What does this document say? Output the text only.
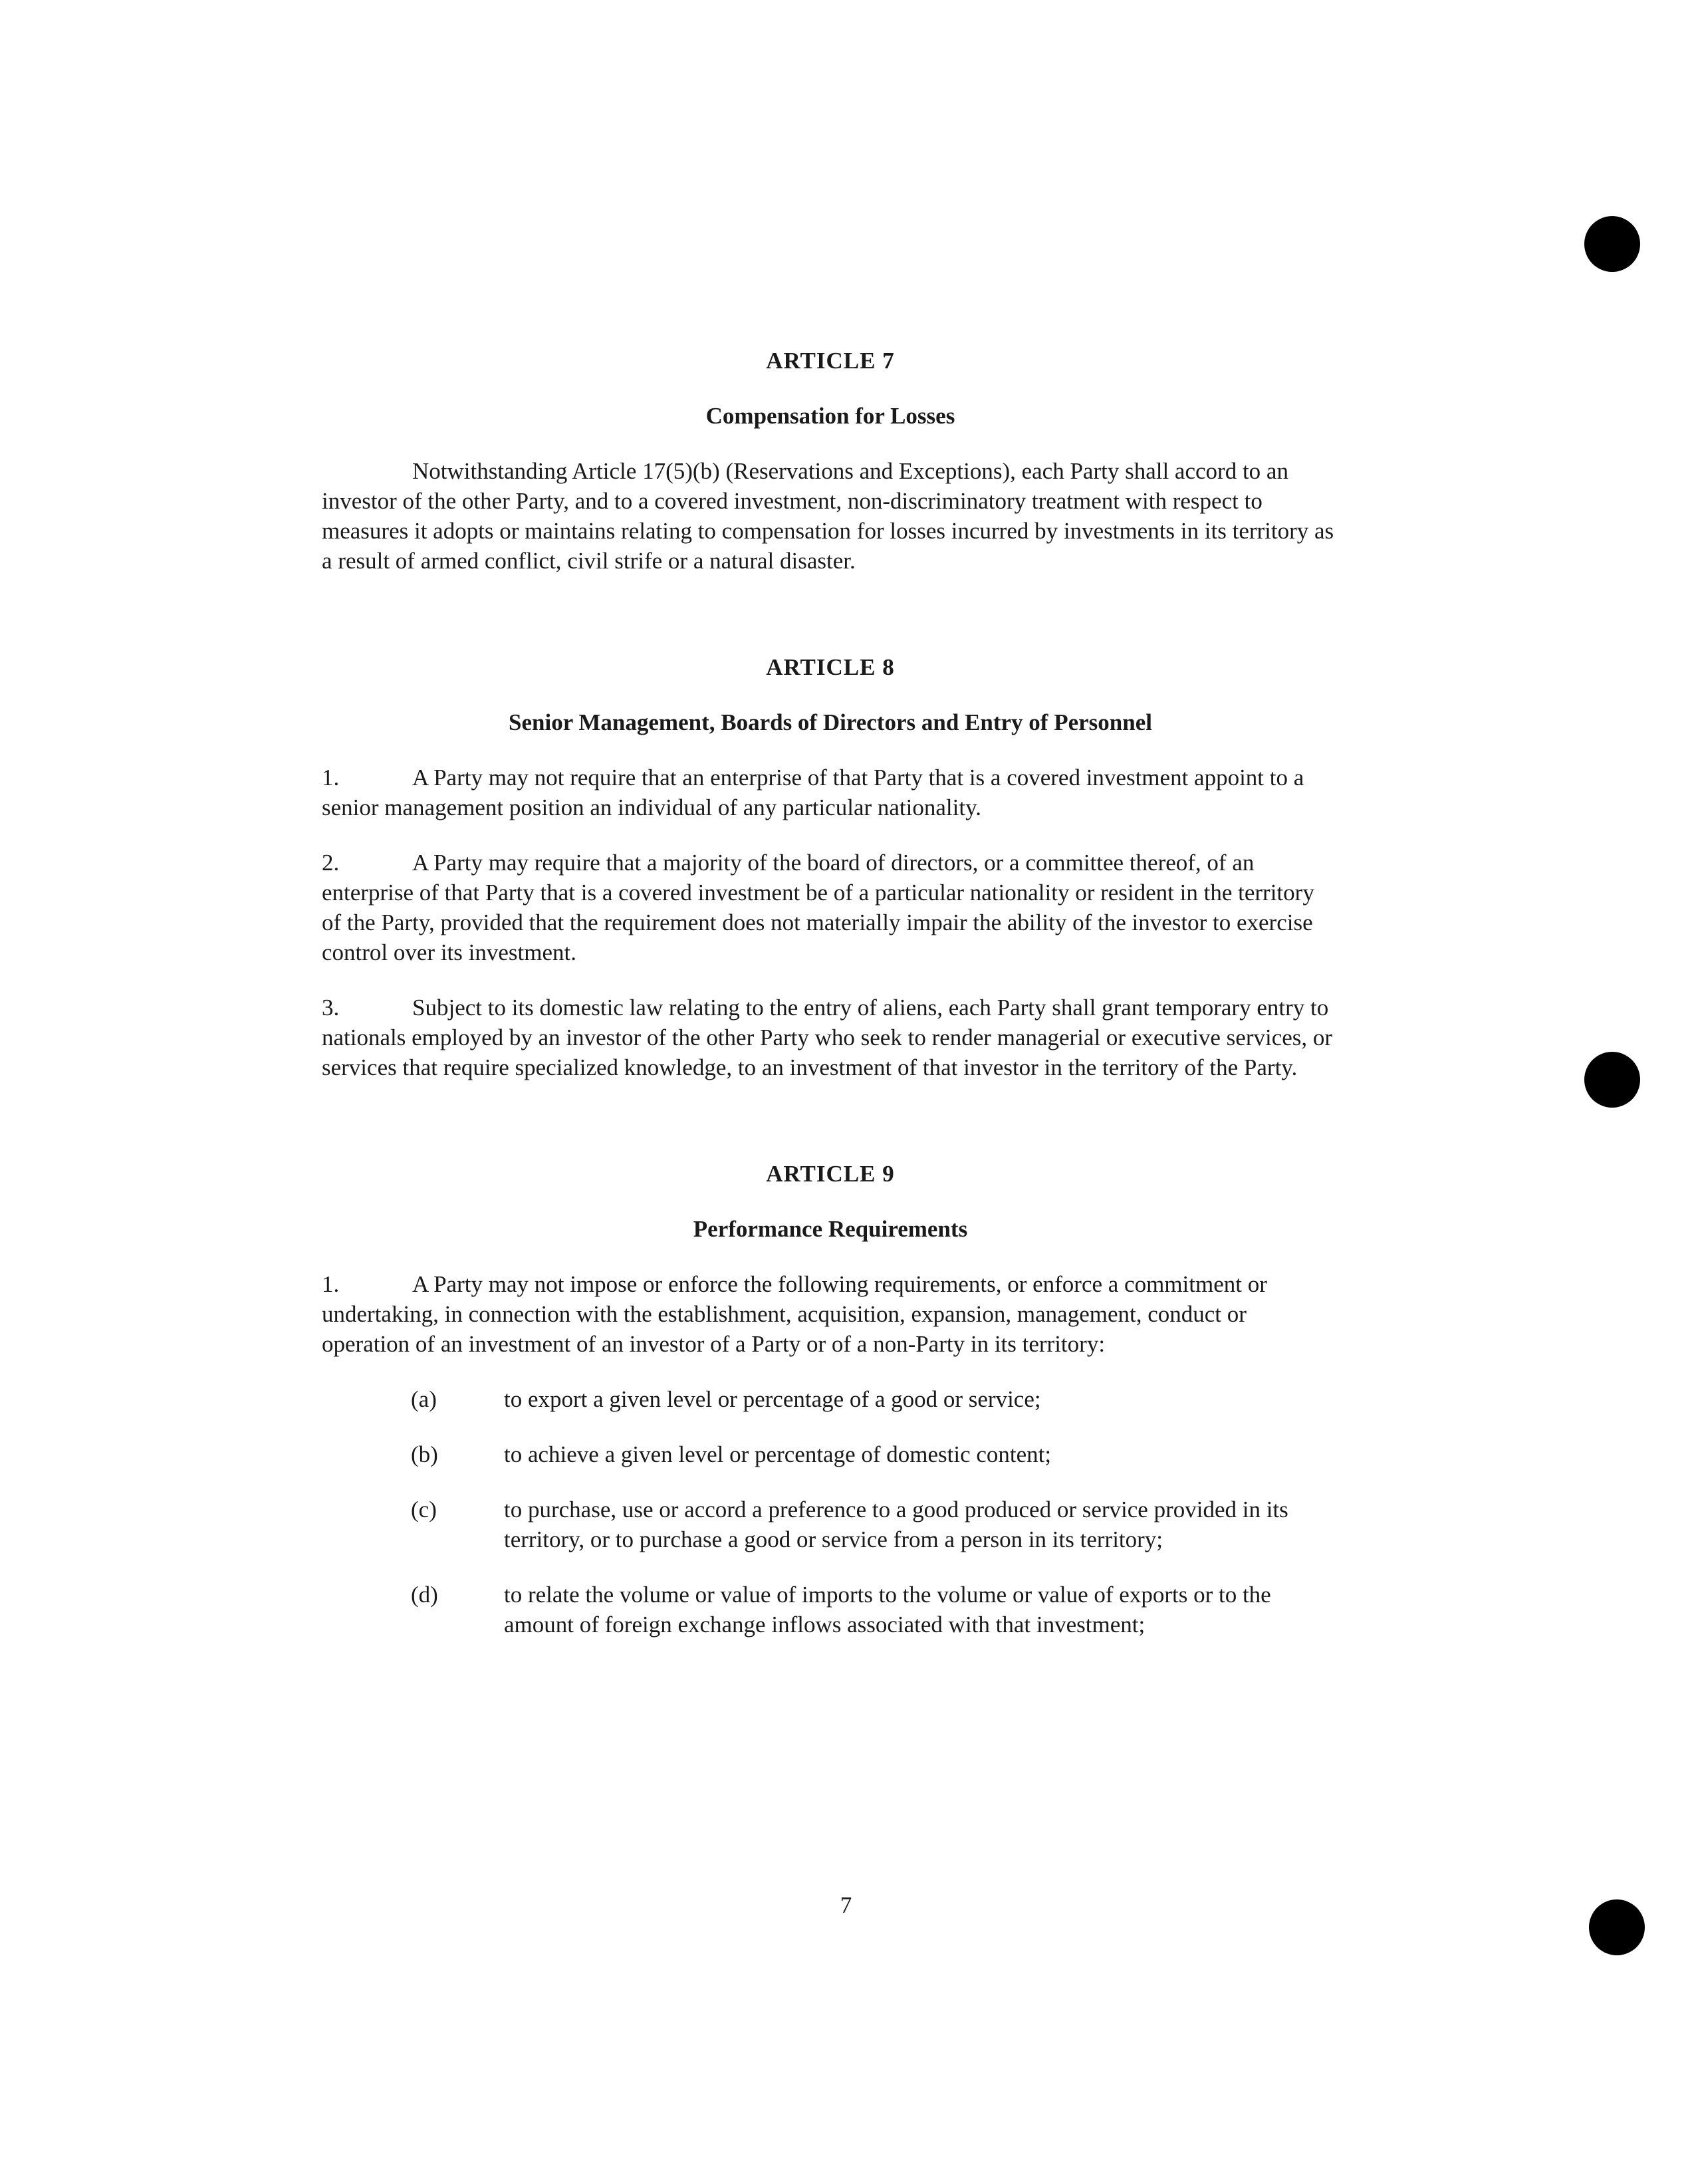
ARTICLE 7
Compensation for Losses

Notwithstanding Article 17(5)(b) (Reservations and Exceptions), each Party shall accord to an investor of the other Party, and to a covered investment, non-discriminatory treatment with respect to measures it adopts or maintains relating to compensation for losses incurred by investments in its territory as a result of armed conflict, civil strife or a natural disaster.

ARTICLE 8
Senior Management, Boards of Directors and Entry of Personnel

1.	A Party may not require that an enterprise of that Party that is a covered investment appoint to a senior management position an individual of any particular nationality.

2.	A Party may require that a majority of the board of directors, or a committee thereof, of an enterprise of that Party that is a covered investment be of a particular nationality or resident in the territory of the Party, provided that the requirement does not materially impair the ability of the investor to exercise control over its investment.

3.	Subject to its domestic law relating to the entry of aliens, each Party shall grant temporary entry to nationals employed by an investor of the other Party who seek to render managerial or executive services, or services that require specialized knowledge, to an investment of that investor in the territory of the Party.

ARTICLE 9
Performance Requirements

1.	A Party may not impose or enforce the following requirements, or enforce a commitment or undertaking, in connection with the establishment, acquisition, expansion, management, conduct or operation of an investment of an investor of a Party or of a non-Party in its territory:

(a)	to export a given level or percentage of a good or service;
(b)	to achieve a given level or percentage of domestic content;
(c)	to purchase, use or accord a preference to a good produced or service provided in its territory, or to purchase a good or service from a person in its territory;
(d)	to relate the volume or value of imports to the volume or value of exports or to the amount of foreign exchange inflows associated with that investment;
7
